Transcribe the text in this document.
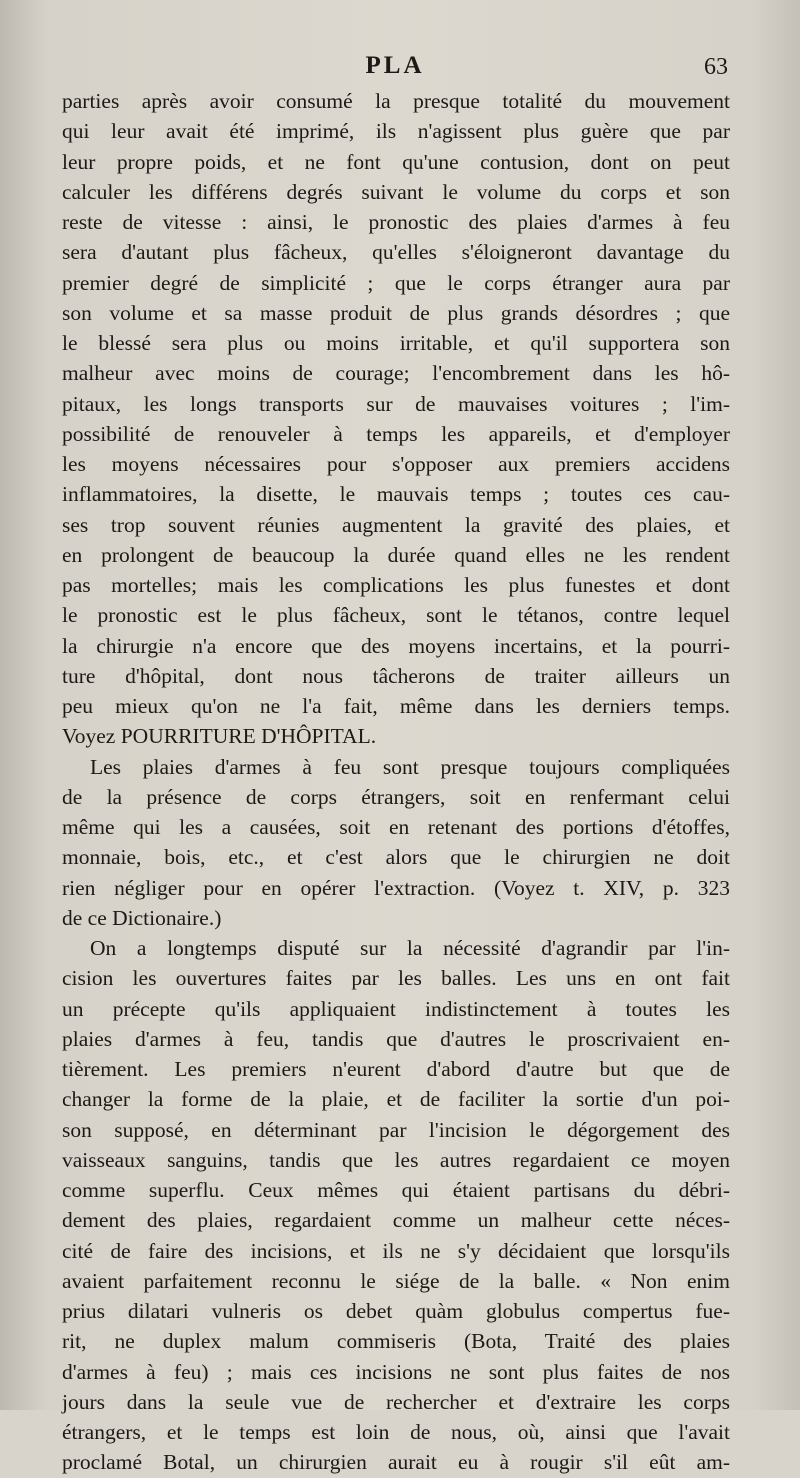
PLA	63
parties après avoir consumé la presque totalité du mouvement
qui leur avait été imprimé, ils n'agissent plus guère que par
leur propre poids, et ne font qu'une contusion, dont on peut
calculer les différens degrés suivant le volume du corps et son
reste de vitesse : ainsi, le pronostic des plaies d'armes à feu
sera d'autant plus fâcheux, qu'elles s'éloigneront davantage du
premier degré de simplicité ; que le corps étranger aura par
son volume et sa masse produit de plus grands désordres ; que
le blessé sera plus ou moins irritable, et qu'il supportera son
malheur avec moins de courage; l'encombrement dans les hô-
pitaux, les longs transports sur de mauvaises voitures ; l'im-
possibilité de renouveler à temps les appareils, et d'employer
les moyens nécessaires pour s'opposer aux premiers accidens
inflammatoires, la disette, le mauvais temps ; toutes ces cau-
ses trop souvent réunies augmentent la gravité des plaies, et
en prolongent de beaucoup la durée quand elles ne les rendent
pas mortelles; mais les complications les plus funestes et dont
le pronostic est le plus fâcheux, sont le tétanos, contre lequel
la chirurgie n'a encore que des moyens incertains, et la pourri-
ture d'hôpital, dont nous tâcherons de traiter ailleurs un
peu mieux qu'on ne l'a fait, même dans les derniers temps.
Voyez POURRITURE D'HÔPITAL.
Les plaies d'armes à feu sont presque toujours compliquées
de la présence de corps étrangers, soit en renfermant celui
même qui les a causées, soit en retenant des portions d'étoffes,
monnaie, bois, etc., et c'est alors que le chirurgien ne doit
rien négliger pour en opérer l'extraction. (Voyez t. XIV, p. 323
de ce Dictionaire.)
On a longtemps disputé sur la nécessité d'agrandir par l'in-
cision les ouvertures faites par les balles. Les uns en ont fait
un précepte qu'ils appliquaient indistinctement à toutes les
plaies d'armes à feu, tandis que d'autres le proscrivaient en-
tièrement. Les premiers n'eurent d'abord d'autre but que de
changer la forme de la plaie, et de faciliter la sortie d'un poi-
son supposé, en déterminant par l'incision le dégorgement des
vaisseaux sanguins, tandis que les autres regardaient ce moyen
comme superflu. Ceux mêmes qui étaient partisans du débri-
dement des plaies, regardaient comme un malheur cette néces-
cité de faire des incisions, et ils ne s'y décidaient que lorsqu'ils
avaient parfaitement reconnu le siége de la balle. « Non enim
prius dilatari vulneris os debet quàm globulus compertus fue-
rit, ne duplex malum commiseris (Bota, Traité des plaies
d'armes à feu) ; mais ces incisions ne sont plus faites de nos
jours dans la seule vue de rechercher et d'extraire les corps
étrangers, et le temps est loin de nous, où, ainsi que l'avait
proclamé Botal, un chirurgien aurait eu à rougir s'il eût am-
